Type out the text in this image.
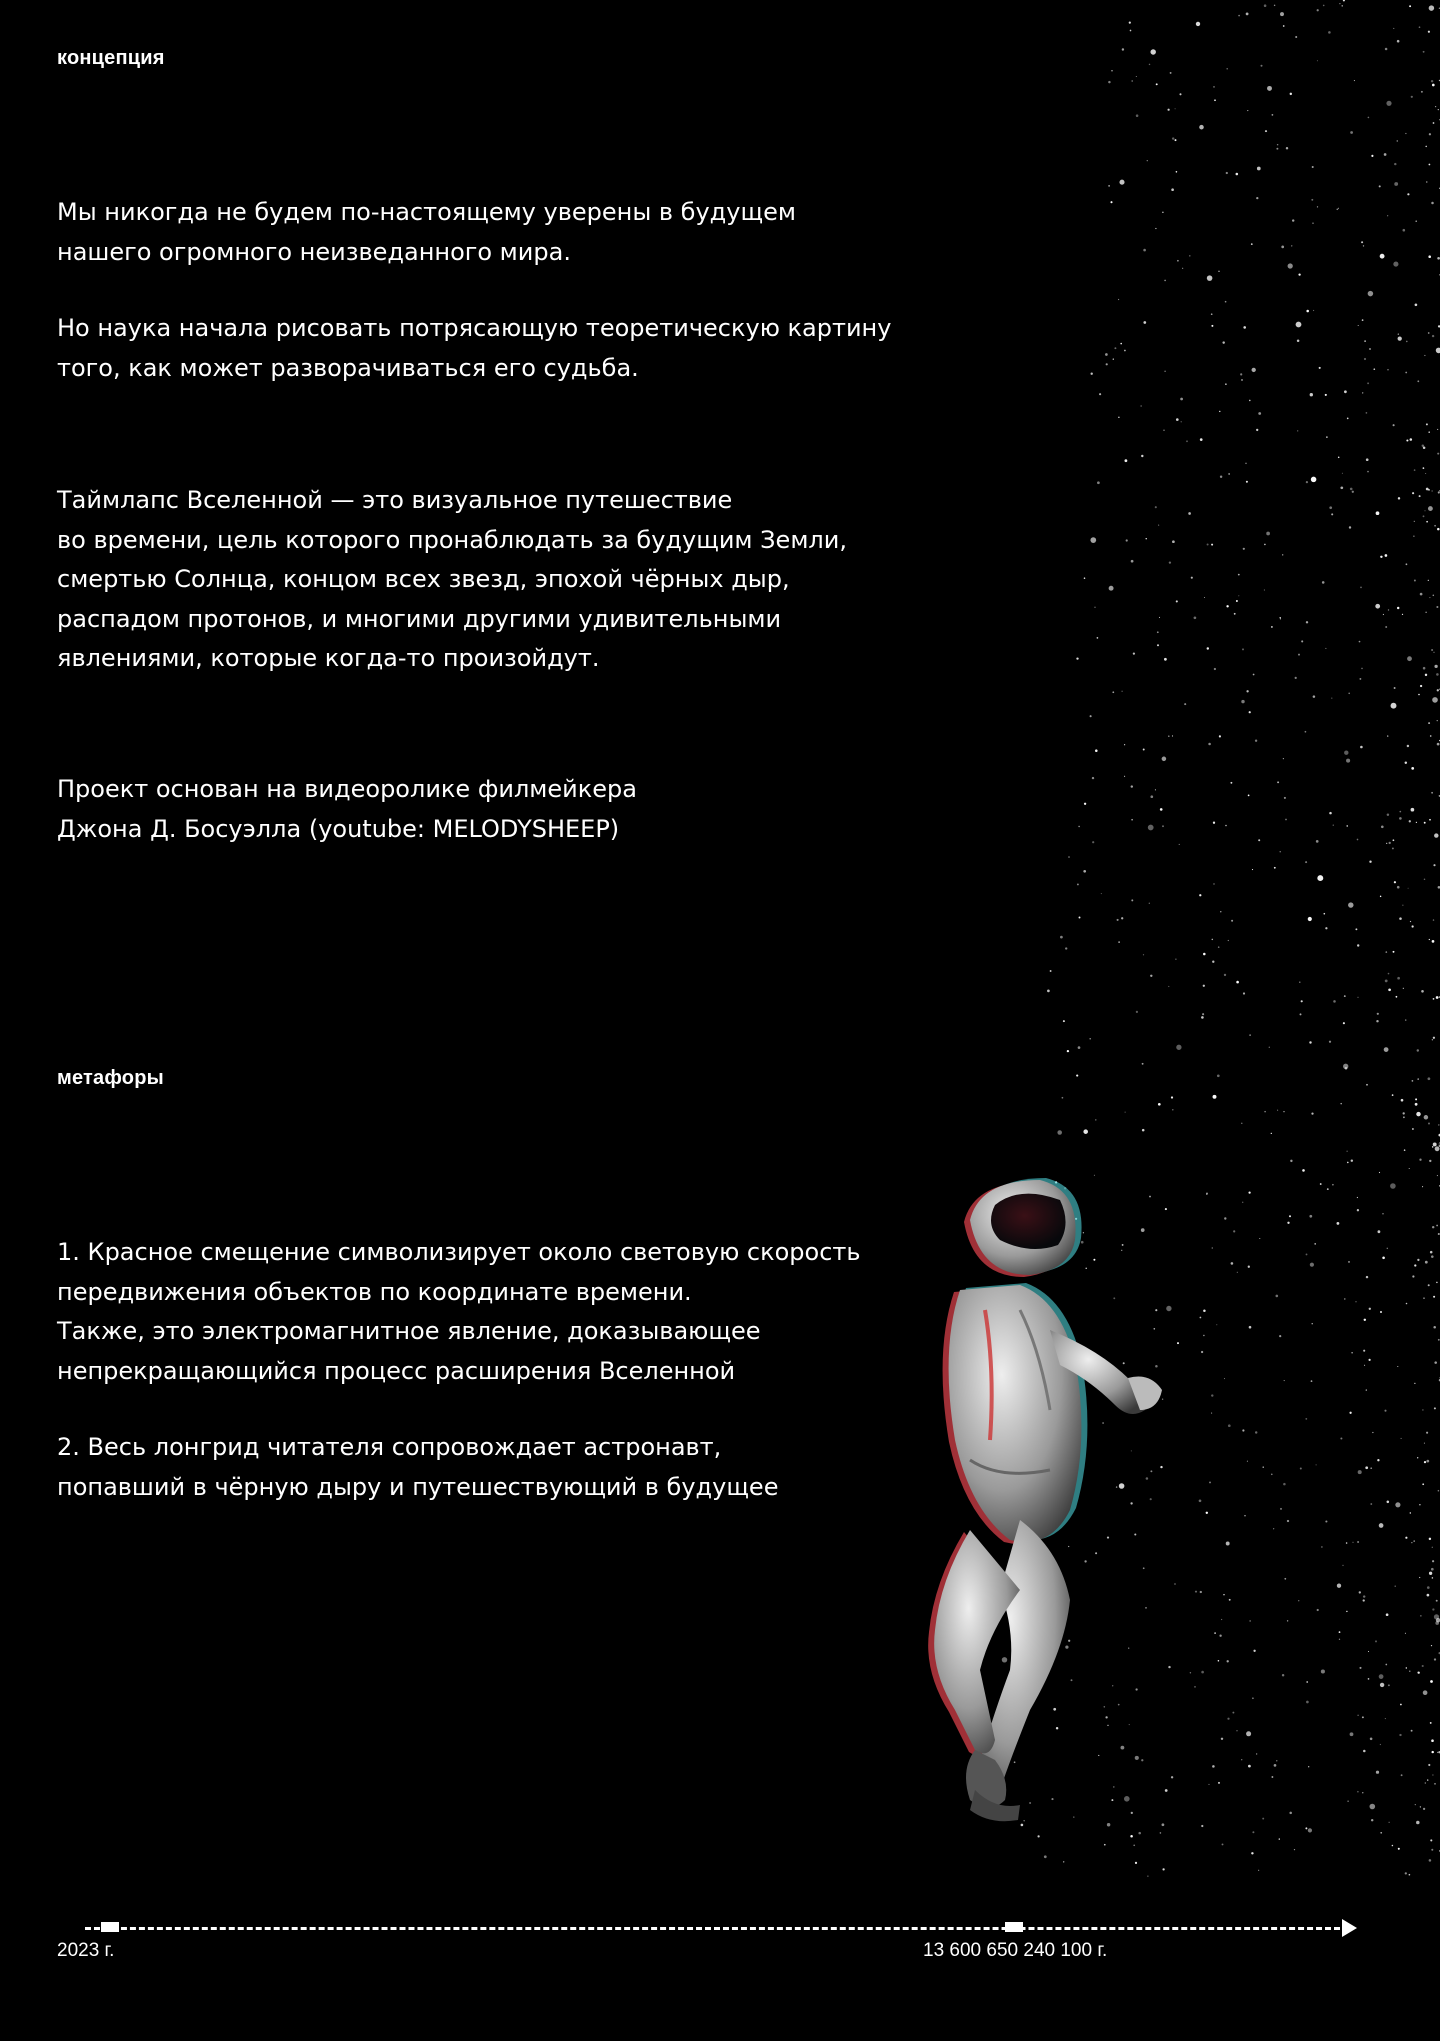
концепция
Мы никогда не будем по-настоящему уверены в будущем
нашего огромного неизведанного мира.
Но наука начала рисовать потрясающую теоретическую картину
того, как может разворачиваться его судьба.
Таймлапс Вселенной — это визуальное путешествие
во времени, цель которого пронаблюдать за будущим Земли,
смертью Солнца, концом всех звезд, эпохой чёрных дыр,
распадом протонов, и многими другими удивительными
явлениями, которые когда-то произойдут.
Проект основан на видеоролике филмейкера
Джона Д. Босуэлла (youtube: MELODYSHEEP)
метафоры
1. Красное смещение символизирует около световую скорость
передвижения объектов по координате времени.
Также, это электромагнитное явление, доказывающее
непрекращающийся процесс расширения Вселенной
2. Весь лонгрид читателя сопровождает астронавт,
попавший в чёрную дыру и путешествующий в будущее
2023 г.	13 600 650 240 100 г.
